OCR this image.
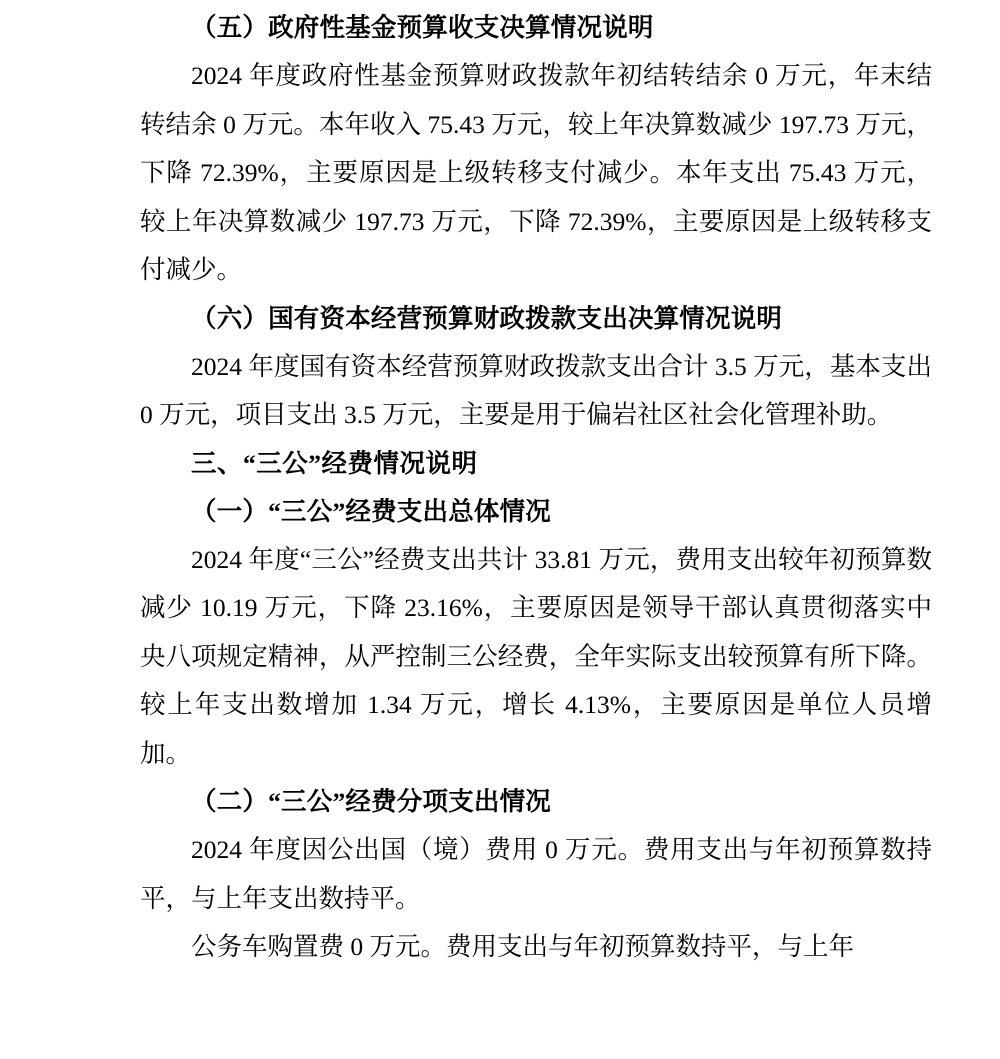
（五）政府性基金预算收支决算情况说明

2024 年度政府性基金预算财政拨款年初结转结余 0 万元，年末结转结余 0 万元。本年收入 75.43 万元，较上年决算数减少 197.73 万元，下降 72.39%，主要原因是上级转移支付减少。本年支出 75.43 万元，较上年决算数减少 197.73 万元，下降 72.39%，主要原因是上级转移支付减少。

（六）国有资本经营预算财政拨款支出决算情况说明

2024 年度国有资本经营预算财政拨款支出合计 3.5 万元，基本支出 0 万元，项目支出 3.5 万元，主要是用于偏岩社区社会化管理补助。

三、“三公”经费情况说明

（一）“三公”经费支出总体情况

2024 年度“三公”经费支出共计 33.81 万元，费用支出较年初预算数减少 10.19 万元，下降 23.16%，主要原因是领导干部认真贯彻落实中央八项规定精神，从严控制三公经费，全年实际支出较预算有所下降。较上年支出数增加 1.34 万元，增长 4.13%，主要原因是单位人员增加。

（二）“三公”经费分项支出情况

2024 年度因公出国（境）费用 0 万元。费用支出与年初预算数持平，与上年支出数持平。

公务车购置费 0 万元。费用支出与年初预算数持平，与上年
